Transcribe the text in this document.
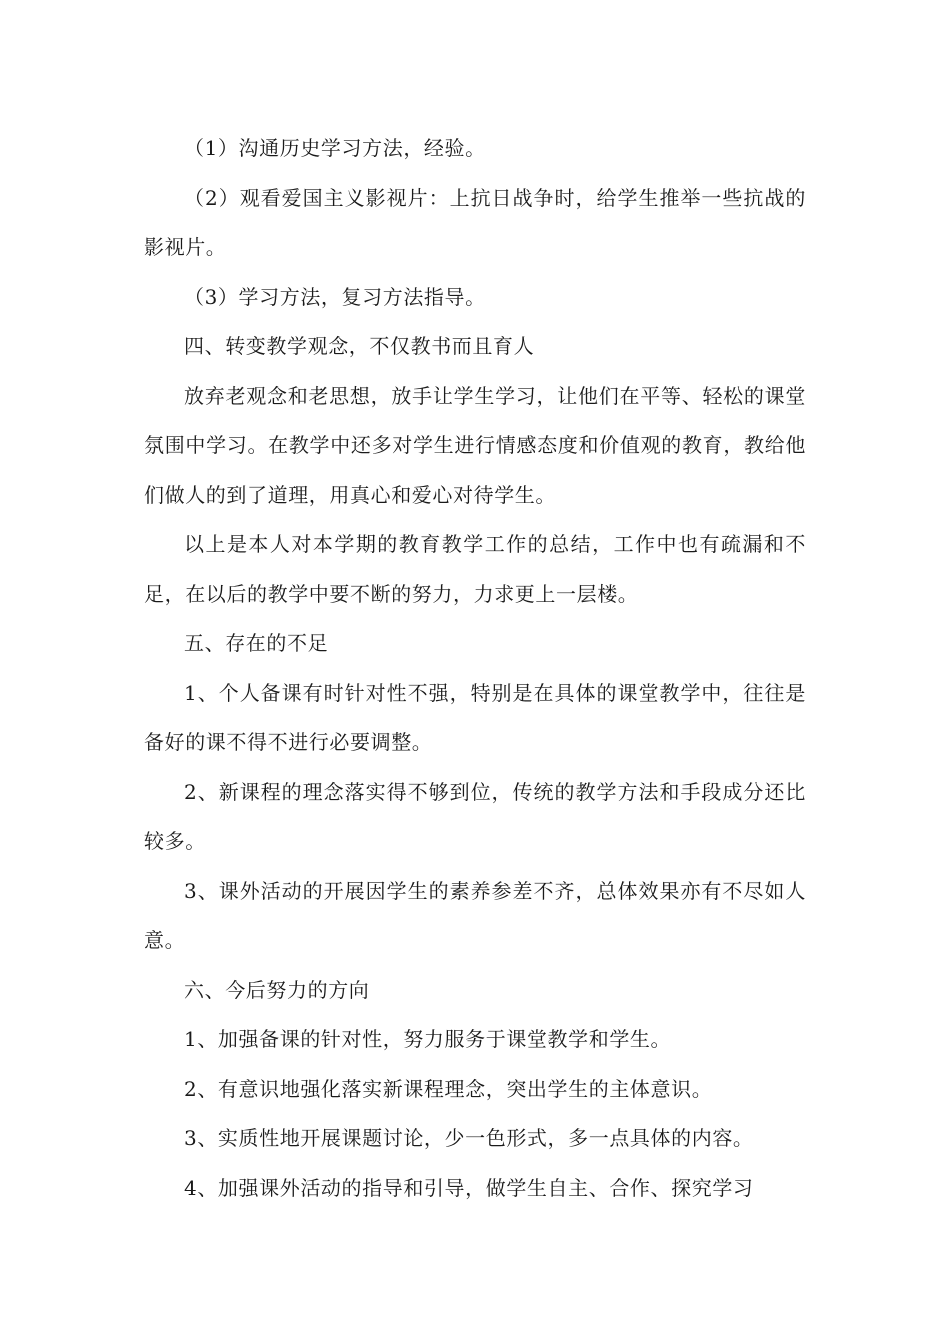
（1）沟通历史学习方法，经验。

（2）观看爱国主义影视片：上抗日战争时，给学生推举一些抗战的影视片。

（3）学习方法，复习方法指导。

四、转变教学观念，不仅教书而且育人

放弃老观念和老思想，放手让学生学习，让他们在平等、轻松的课堂氛围中学习。在教学中还多对学生进行情感态度和价值观的教育，教给他们做人的到了道理，用真心和爱心对待学生。

以上是本人对本学期的教育教学工作的总结，工作中也有疏漏和不足，在以后的教学中要不断的努力，力求更上一层楼。

五、存在的不足

1、个人备课有时针对性不强，特别是在具体的课堂教学中，往往是备好的课不得不进行必要调整。

2、新课程的理念落实得不够到位，传统的教学方法和手段成分还比较多。

3、课外活动的开展因学生的素养参差不齐，总体效果亦有不尽如人意。

六、今后努力的方向

1、加强备课的针对性，努力服务于课堂教学和学生。

2、有意识地强化落实新课程理念，突出学生的主体意识。

3、实质性地开展课题讨论，少一色形式，多一点具体的内容。

4、加强课外活动的指导和引导，做学生自主、合作、探究学习
